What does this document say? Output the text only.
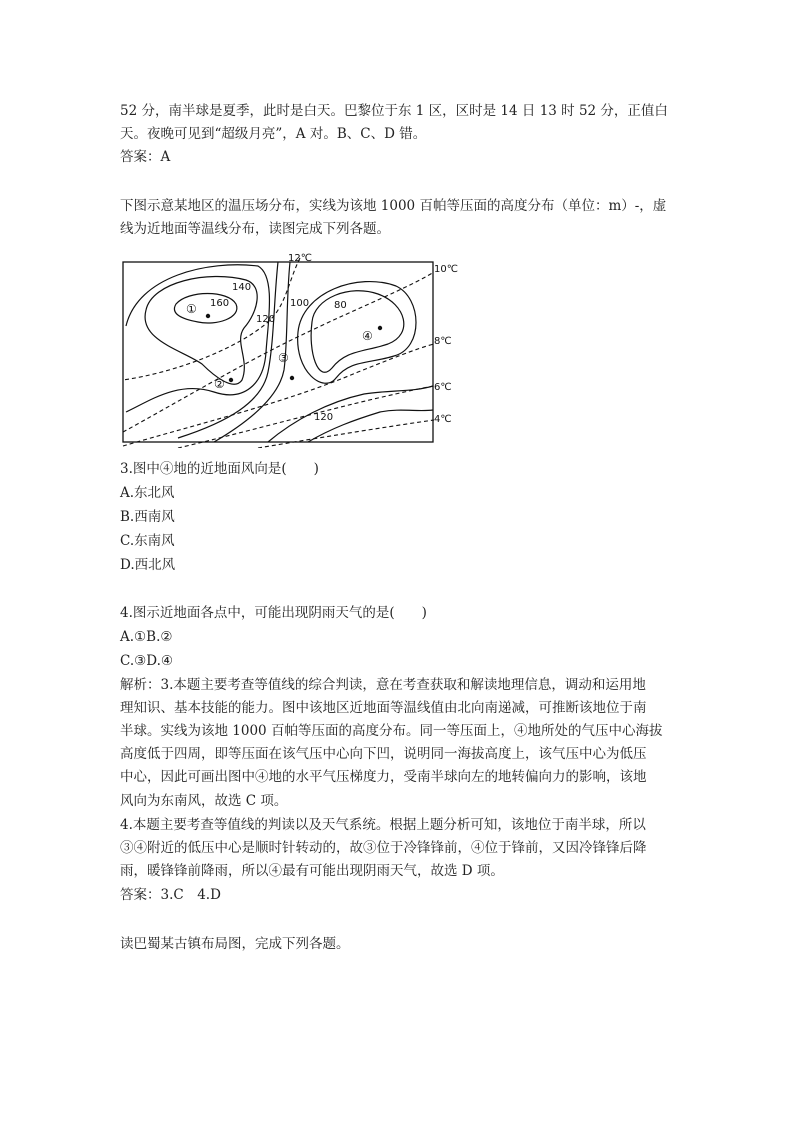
52 分，南半球是夏季，此时是白天。巴黎位于东 1 区，区时是 14 日 13 时 52 分，正值白
天。夜晚可见到“超级月亮”，A 对。B、C、D 错。
答案：A
下图示意某地区的温压场分布，实线为该地 1000 百帕等压面的高度分布（单位：m）-，虚
线为近地面等温线分布，读图完成下列各题。
12℃
10℃
8℃
6℃
4℃
160
140
120
100 80
120
①
②
③
④
3.图中④地的近地面风向是(　　)
A.东北风
B.西南风
C.东南风
D.西北风
4.图示近地面各点中，可能出现阴雨天气的是(　　)
A.①B.②
C.③D.④
解析：3.本题主要考查等值线的综合判读，意在考查获取和解读地理信息，调动和运用地
理知识、基本技能的能力。图中该地区近地面等温线值由北向南递减，可推断该地位于南
半球。实线为该地 1000 百帕等压面的高度分布。同一等压面上，④地所处的气压中心海拔
高度低于四周，即等压面在该气压中心向下凹，说明同一海拔高度上，该气压中心为低压
中心，因此可画出图中④地的水平气压梯度力，受南半球向左的地转偏向力的影响，该地
风向为东南风，故选 C 项。
4.本题主要考查等值线的判读以及天气系统。根据上题分析可知，该地位于南半球，所以
③④附近的低压中心是顺时针转动的，故③位于冷锋锋前，④位于锋前，又因冷锋锋后降
雨，暖锋锋前降雨，所以④最有可能出现阴雨天气，故选 D 项。
答案：3.C　4.D
读巴蜀某古镇布局图，完成下列各题。
